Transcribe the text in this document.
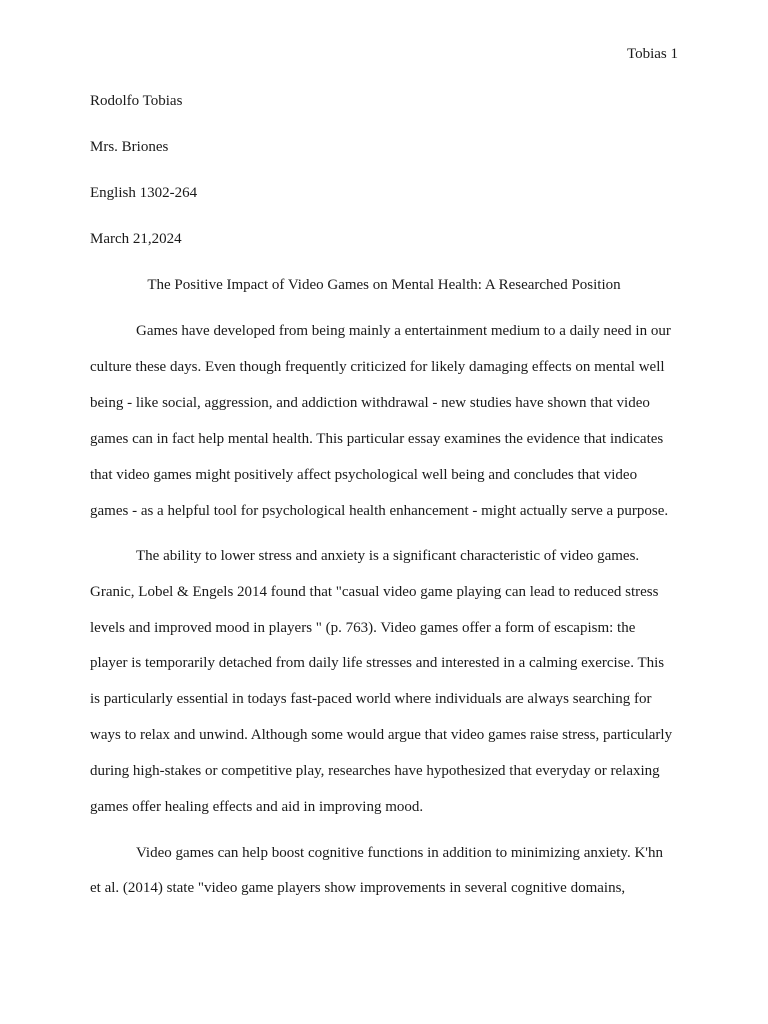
Tobias 1
Rodolfo Tobias
Mrs. Briones
English 1302-264
March 21,2024
The Positive Impact of Video Games on Mental Health: A Researched Position
Games have developed from being mainly a entertainment medium to a daily need in our
culture these days. Even though frequently criticized for likely damaging effects on mental well
being - like social, aggression, and addiction withdrawal - new studies have shown that video
games can in fact help mental health. This particular essay examines the evidence that indicates
that video games might positively affect psychological well being and concludes that video
games - as a helpful tool for psychological health enhancement - might actually serve a purpose.
The ability to lower stress and anxiety is a significant characteristic of video games.
Granic, Lobel & Engels 2014 found that "casual video game playing can lead to reduced stress
levels and improved mood in players " (p. 763). Video games offer a form of escapism: the
player is temporarily detached from daily life stresses and interested in a calming exercise. This
is particularly essential in todays fast-paced world where individuals are always searching for
ways to relax and unwind. Although some would argue that video games raise stress, particularly
during high-stakes or competitive play, researches have hypothesized that everyday or relaxing
games offer healing effects and aid in improving mood.
Video games can help boost cognitive functions in addition to minimizing anxiety. K'hn
et al. (2014) state "video game players show improvements in several cognitive domains,
